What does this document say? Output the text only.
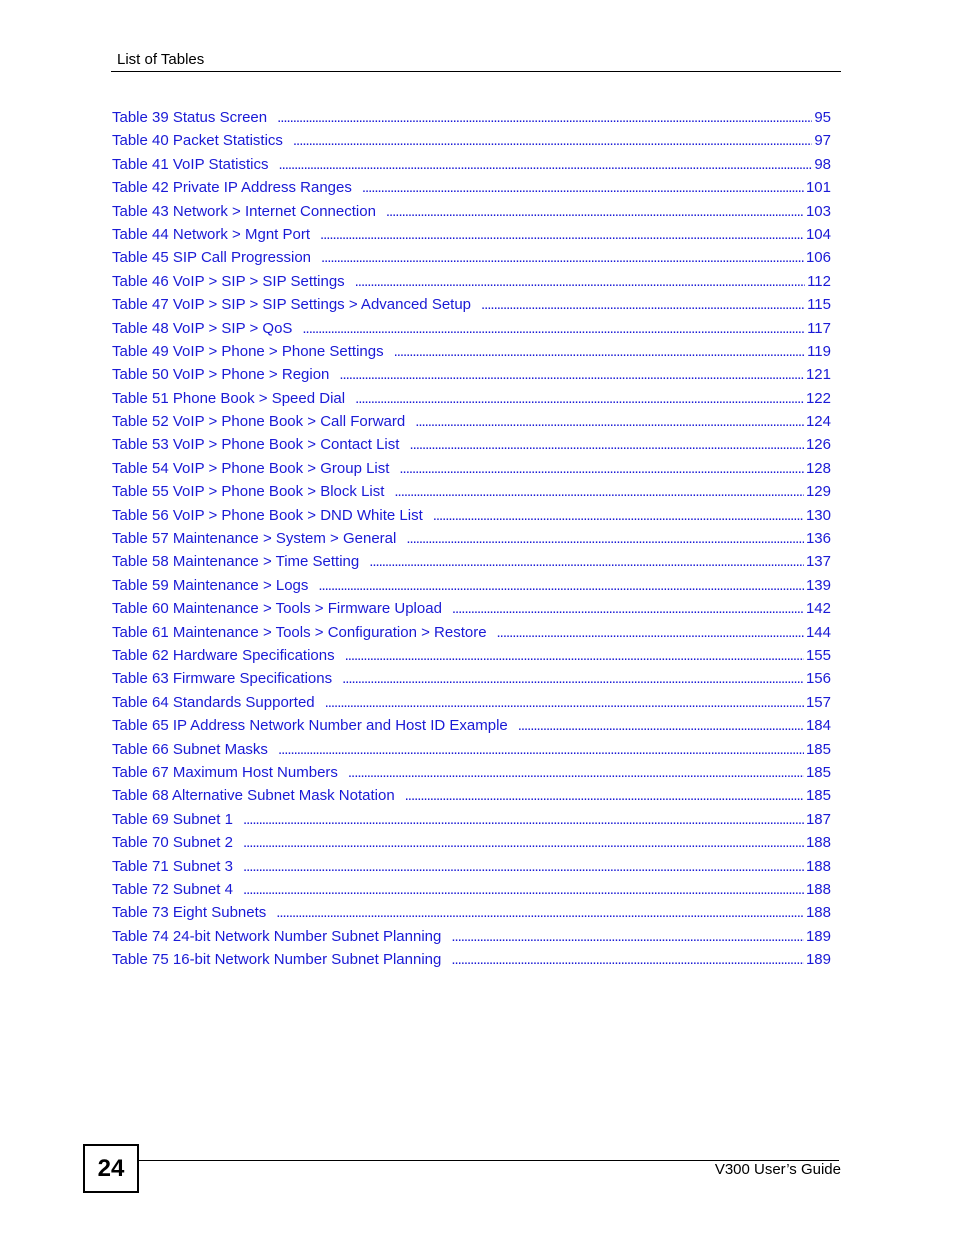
List of Tables
Table 39 Status Screen . . .	95
Table 40 Packet Statistics . . .	97
Table 41 VoIP Statistics . . .	98
Table 42 Private IP Address Ranges . . .	101
Table 43 Network > Internet Connection . . .	103
Table 44 Network > Mgnt Port . . .	104
Table 45 SIP Call Progression . . .	106
Table 46 VoIP > SIP > SIP Settings . . .	112
Table 47 VoIP > SIP > SIP Settings > Advanced Setup . . .	115
Table 48 VoIP > SIP > QoS . . .	117
Table 49 VoIP > Phone > Phone Settings . . .	119
Table 50 VoIP > Phone > Region . . .	121
Table 51 Phone Book > Speed Dial . . .	122
Table 52 VoIP > Phone Book > Call Forward . . .	124
Table 53 VoIP > Phone Book > Contact List . . .	126
Table 54 VoIP > Phone Book > Group List . . .	128
Table 55 VoIP > Phone Book > Block List . . .	129
Table 56 VoIP > Phone Book > DND White List . . .	130
Table 57 Maintenance > System > General . . .	136
Table 58 Maintenance > Time Setting . . .	137
Table 59 Maintenance > Logs . . .	139
Table 60 Maintenance > Tools > Firmware Upload . . .	142
Table 61 Maintenance > Tools > Configuration > Restore . . .	144
Table 62 Hardware Specifications . . .	155
Table 63 Firmware Specifications . . .	156
Table 64 Standards Supported . . .	157
Table 65 IP Address Network Number and Host ID Example . . .	184
Table 66 Subnet Masks . . .	185
Table 67 Maximum Host Numbers . . .	185
Table 68 Alternative Subnet Mask Notation . . .	185
Table 69 Subnet 1 . . .	187
Table 70 Subnet 2 . . .	188
Table 71 Subnet 3 . . .	188
Table 72 Subnet 4 . . .	188
Table 73 Eight Subnets . . .	188
Table 74 24-bit Network Number Subnet Planning . . .	189
Table 75 16-bit Network Number Subnet Planning . . .	189
24	V300 User’s Guide
